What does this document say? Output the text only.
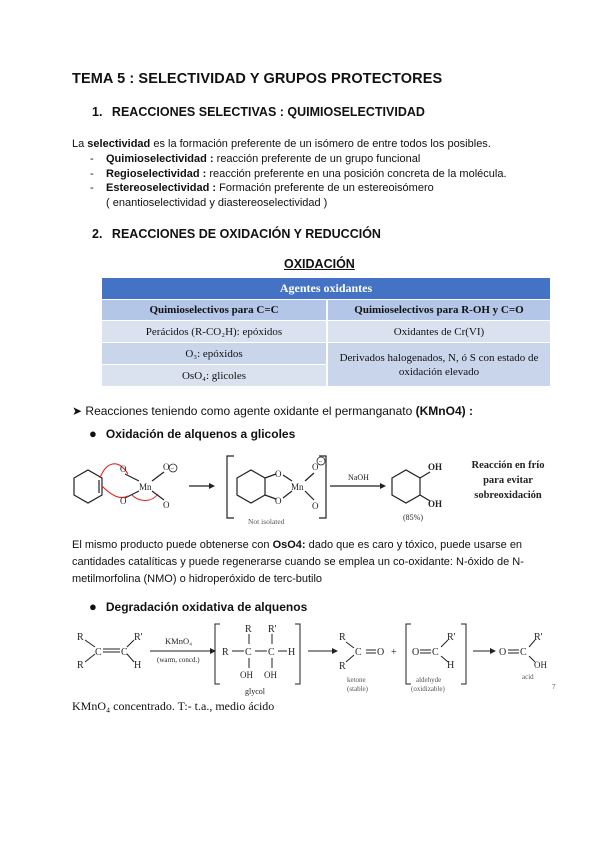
TEMA 5 : SELECTIVIDAD Y GRUPOS PROTECTORES
1. REACCIONES SELECTIVAS : QUIMIOSELECTIVIDAD
La selectividad es la formación preferente de un isómero de entre todos los posibles.
-	Quimioselectividad : reacción preferente de un grupo funcional
-	Regioselectividad : reacción preferente en una posición concreta de la molécula.
-	Estereoselectividad : Formación preferente de un estereoisómero
( enantioselectividad y diastereoselectividad )
2. REACCIONES DE OXIDACIÓN Y REDUCCIÓN
OXIDACIÓN
Agentes oxidantes	
Quimioselectivos para C=C	Quimioselectivos para R-OH y C=O
Perácidos (R-CO₂H): epóxidos	Oxidantes de Cr(VI)
O₃: epóxidos	Derivados halogenados, N, ó S con estado de oxidación elevado
OsO₄: glicoles	
➤ Reacciones teniendo como agente oxidante el permanganato (KMnO4) :
● Oxidación de alquenos a glicoles
O
O
Mn
O
O
O
O
Mn
O
O
NaOH
OH
OH
(85%)
Not isolated
−
−	Reacción en frío
para evitar
sobreoxidación
El mismo producto puede obtenerse con OsO4: dado que es caro y tóxico, puede usarse en cantidades catalíticas y puede regenerarse cuando se emplea un co-oxidante: N-óxido de N-metilmorfolina (NMO) o hidroperóxido de terc-butilo
● Degradación oxidativa de alquenos
R
R
C C
R'
H
KMnO₄
(warm, concd.)
R C C H
R R'
OH OH
glycol
R
R
C O + O C
R'
H
O C
R'
OH
ketone
(stable)
aldehyde
(oxidizable)
acid
7
KMnO₄ concentrado. T:- t.a., medio ácido
